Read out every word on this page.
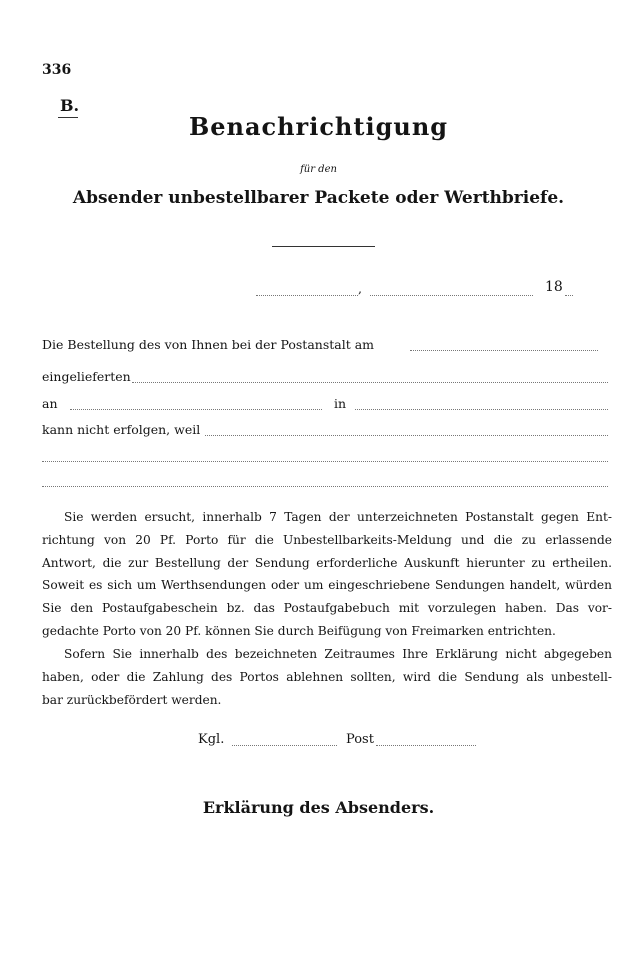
336
B.
Benachrichtigung
für den
Absender unbestellbarer Packete oder Werthbriefe.
,	18
Die Bestellung des von Ihnen bei der Postanstalt am
eingelieferten
an	in
kann nicht erfolgen, weil
Sie werden ersucht, innerhalb 7 Tagen der unterzeichneten Postanstalt gegen Ent-
richtung von 20 Pf. Porto für die Unbestellbarkeits-Meldung und die zu erlassende
Antwort, die zur Bestellung der Sendung erforderliche Auskunft hierunter zu ertheilen.
Soweit es sich um Werthsendungen oder um eingeschriebene Sendungen handelt, würden
Sie den Postaufgabeschein bz. das Postaufgabebuch mit vorzulegen haben. Das vor-
gedachte Porto von 20 Pf. können Sie durch Beifügung von Freimarken entrichten.
Sofern Sie innerhalb des bezeichneten Zeitraumes Ihre Erklärung nicht abgegeben
haben, oder die Zahlung des Portos ablehnen sollten, wird die Sendung als unbestell-
bar zurückbefördert werden.
Kgl.	Post
Erklärung des Absenders.
